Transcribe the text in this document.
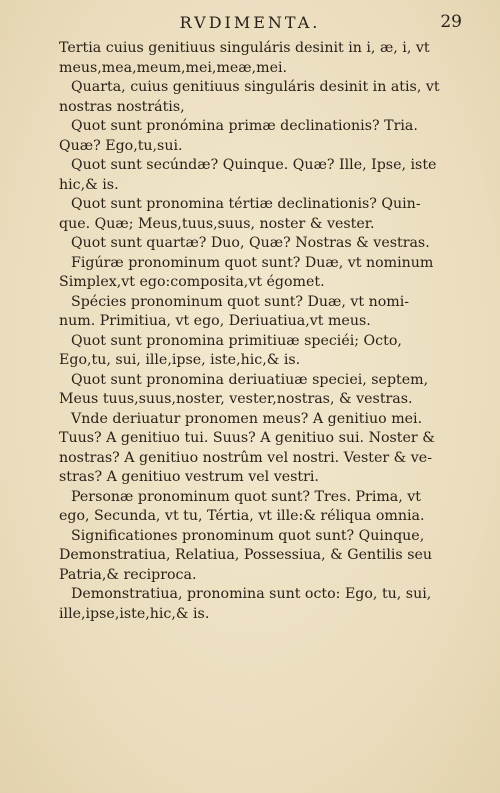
RVDIMENTA.	29
Tertia cuius genitiuus singuláris desinit in i, æ, i, vt
meus,mea,meum,mei,meæ,mei.
Quarta, cuius genitiuus singuláris desinit in atis, vt
nostras nostrátis,
Quot sunt pronómina primæ declinationis? Tria.
Quæ? Ego,tu,sui.
Quot sunt secúndæ? Quinque. Quæ? Ille, Ipse, iste
hic,& is.
Quot sunt pronomina tértiæ declinationis? Quin-
que. Quæ; Meus,tuus,suus, noster & vester.
Quot sunt quartæ? Duo, Quæ? Nostras & vestras.
Figúræ pronominum quot sunt? Duæ, vt nominum
Simplex,vt ego:composita,vt égomet.
Spécies pronominum quot sunt? Duæ, vt nomi-
num. Primitiua, vt ego, Deriuatiua,vt meus.
Quot sunt pronomina primitiuæ speciéi; Octo,
Ego,tu, sui, ille,ipse, iste,hic,& is.
Quot sunt pronomina deriuatiuæ speciei, septem,
Meus tuus,suus,noster, vester,nostras, & vestras.
Vnde deriuatur pronomen meus? A genitiuo mei.
Tuus? A genitiuo tui. Suus? A genitiuo sui. Noster &
nostras? A genitiuo nostrûm vel nostri. Vester & ve-
stras? A genitiuo vestrum vel vestri.
Personæ pronominum quot sunt? Tres. Prima, vt
ego, Secunda, vt tu, Tértia, vt ille:& réliqua omnia.
Significationes pronominum quot sunt? Quinque,
Demonstratiua, Relatiua, Possessiua, & Gentilis seu
Patria,& reciproca.
Demonstratiua, pronomina sunt octo: Ego, tu, sui,
ille,ipse,iste,hic,& is.
